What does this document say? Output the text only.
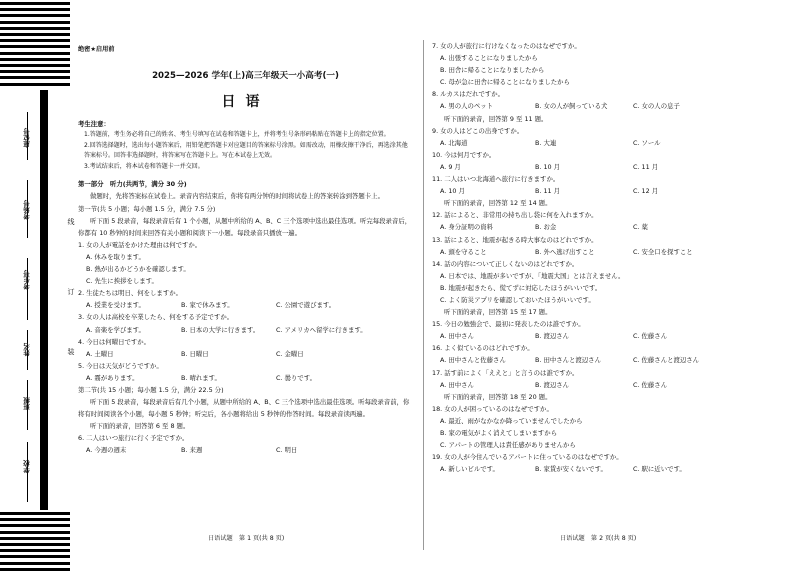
座位号
考场号
考生号
姓名
班级
学校
线
订
装
绝密★启用前
2025—2026 学年(上)高三年级天一小高考(一)
日语
考生注意：
1.答题前，考生务必将自己的姓名、考生号填写在试卷和答题卡上，并将考生号条形码粘贴在答题卡上的指定位置。
2.回答选择题时，选出每小题答案后，用铅笔把答题卡对应题目的答案标号涂黑。如需改动，用橡皮擦干净后，再选涂其他答案标号。回答非选择题时，将答案写在答题卡上。写在本试卷上无效。
3.考试结束后，将本试卷和答题卡一并交回。
第一部分　听力(共两节，满分 30 分)
做题时，先将答案标在试卷上。录音内容结束后，你将有两分钟的时间将试卷上的答案转涂到答题卡上。
第一节(共 5 小题；每小题 1.5 分，满分 7.5 分)
听下面 5 段录音，每段录音后有 1 个小题，从题中所给的 A、B、C 三个选项中选出最佳选项。听完每段录音后，你都有 10 秒钟的时间来回答有关小题和阅读下一小题。每段录音只播放一遍。
1. 女の人が電話をかけた理由は何ですか。
A. 休みを取ります。
B. 熱が出るかどうかを確認します。
C. 先生に挨拶をします。
2. 生徒たちは明日、何をしますか。
A. 授業を受けます。	B. 家で休みます。	C. 公園で遊びます。
3. 女の人は高校を卒業したら、何をする予定ですか。
A. 音楽を学びます。	B. 日本の大学に行きます。	C. アメリカへ留学に行きます。
4. 今日は何曜日ですか。
A. 土曜日	B. 日曜日	C. 金曜日
5. 今日は天気がどうですか。
A. 霧があります。	B. 晴れます。	C. 曇りです。
第二节(共 15 小题；每小题 1.5 分，满分 22.5 分)
听下面 5 段录音，每段录音后有几个小题，从题中所给的 A、B、C 三个选项中选出最佳选项。听每段录音前，你将有时间阅读各个小题，每小题 5 秒钟；听完后，各小题将给出 5 秒钟的作答时间。每段录音读两遍。
听下面的录音，回答第 6 至 8 题。
6. 二人はいつ旅行に行く予定ですか。
A. 今週の週末	B. 来週	C. 明日
日语试题　第 1 页(共 8 页)
7. 女の人が旅行に行けなくなったのはなぜですか。
A. 出張することになりましたから
B. 田舎に帰ることになりましたから
C. 母が急に田舎に帰ることになりましたから
8. ルカスはだれですか。
A. 男の人のペット	B. 女の人が飼っている犬	C. 女の人の息子
听下面的录音，回答第 9 至 11 题。
9. 女の人はどこの出身ですか。
A. 北海道	B. 大連	C. ソール
10. 今は何月ですか。
A. 9 月	B. 10 月	C. 11 月
11. 二人はいつ北海道へ旅行に行きますか。
A. 10 月	B. 11 月	C. 12 月
听下面的录音，回答第 12 至 14 题。
12. 話によると、非常用の持ち出し袋に何を入れますか。
A. 身分証明の資料	B. お金	C. 薬
13. 話によると、地震が起きる時大事なのはどれですか。
A. 頭を守ること	B. 外へ逃げ出すこと	C. 安全口を探すこと
14. 話の内容について正しくないのはどれですか。
A. 日本では、地震が多いですが、「地震大国」とは言えません。
B. 地震が起きたら、慌てずに対応したほうがいいです。
C. よく防災アプリを確認しておいたほうがいいです。
听下面的录音，回答第 15 至 17 题。
15. 今日の勉強会で、最初に発表したのは誰ですか。
A. 田中さん	B. 渡辺さん	C. 佐藤さん
16. よく似ているのはどれですか。
A. 田中さんと佐藤さん	B. 田中さんと渡辺さん	C. 佐藤さんと渡辺さん
17. 話す前によく「ええと」と言うのは誰ですか。
A. 田中さん	B. 渡辺さん	C. 佐藤さん
听下面的录音，回答第 18 至 20 题。
18. 女の人が困っているのはなぜですか。
A. 最近、雨がなかなか降っていませんでしたから
B. 家の電気がよく消えてしまいますから
C. アパートの管理人は責任感がありませんから
19. 女の人が今住んでいるアパートに住っているのはなぜですか。
A. 新しいビルです。	B. 家賃が安くないです。	C. 駅に近いです。
日语试题　第 2 页(共 8 页)
